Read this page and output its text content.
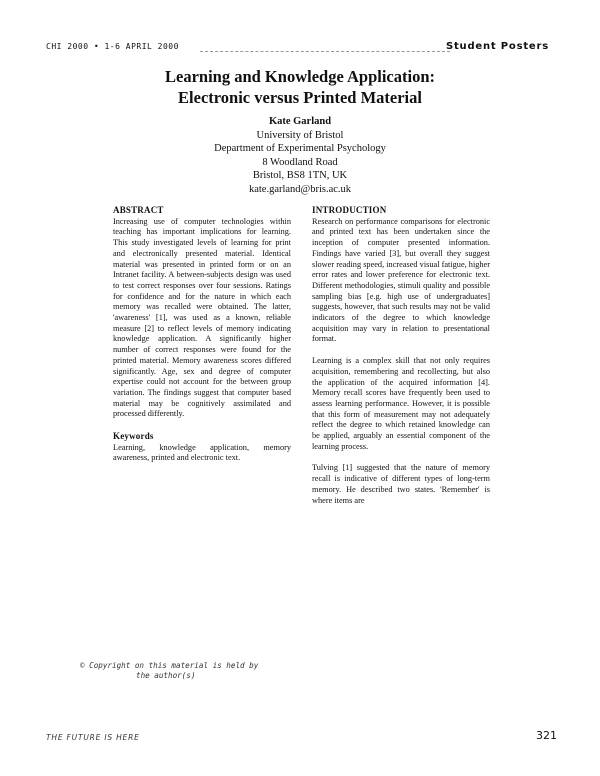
CHI 2000 • 1-6 APRIL 2000	Student Posters
Learning and Knowledge Application:
Electronic versus Printed Material
Kate Garland
University of Bristol
Department of Experimental Psychology
8 Woodland Road
Bristol, BS8 1TN, UK
kate.garland@bris.ac.uk
ABSTRACT

Increasing use of computer technologies within teaching has important implications for learning. This study investigated levels of learning for print and electronically presented material. Identical material was presented in printed form or on an Intranet facility. A between-subjects design was used to test correct responses over four sessions. Ratings for confidence and for the nature in which each memory was recalled were obtained. The latter, 'awareness' [1], was used as a known, reliable measure [2] to reflect levels of memory indicating knowledge application. A significantly higher number of correct responses were found for the printed material. Memory awareness scores differed significantly. Age, sex and degree of computer expertise could not account for the between group variation. The findings suggest that computer based material may be cognitively assimilated and processed differently.

Keywords

Learning, knowledge application, memory awareness, printed and electronic text.

INTRODUCTION

Research on performance comparisons for electronic and printed text has been undertaken since the inception of computer presented information. Findings have varied [3], but overall they suggest slower reading speed, increased visual fatigue, higher error rates and lower preference for electronic text. Different methodologies, stimuli quality and possible sampling bias [e.g. high use of undergraduates] suggests, however, that such results may not be valid indicators of the degree to which knowledge acquisition may vary in relation to presentational format.

Learning is a complex skill that not only requires acquisition, remembering and recollecting, but also the application of the acquired information [4]. Memory recall scores have frequently been used to assess learning performance. However, it is possible that this form of measurement may not adequately reflect the degree to which retained knowledge can be applied, arguably an essential component of the learning process.

Tulving [1] suggested that the nature of memory recall is indicative of different types of long-term memory. He described two states. 'Remember' is where items are

© Copyright on this material is held by
the author(s)
THE FUTURE IS HERE	321
